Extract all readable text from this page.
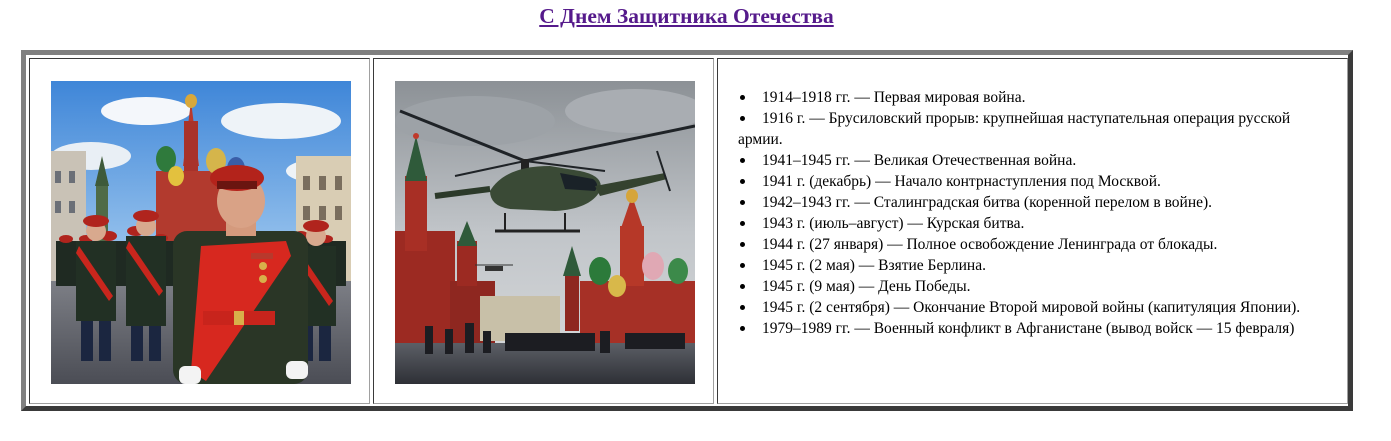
С Днем Защитника Отечества
1914–1918 гг. — Первая мировая война.
1916 г. — Брусиловский прорыв: крупнейшая наступательная операция русской армии.
1941–1945 гг. — Великая Отечественная война.
1941 г. (декабрь) — Начало контрнаступления под Москвой.
1942–1943 гг. — Сталинградская битва (коренной перелом в войне).
1943 г. (июль–август) — Курская битва.
1944 г. (27 января) — Полное освобождение Ленинграда от блокады.
1945 г. (2 мая) — Взятие Берлина.
1945 г. (9 мая) — День Победы.
1945 г. (2 сентября) — Окончание Второй мировой войны (капитуляция Японии).
1979–1989 гг. — Военный конфликт в Афганистане (вывод войск — 15 февраля)
